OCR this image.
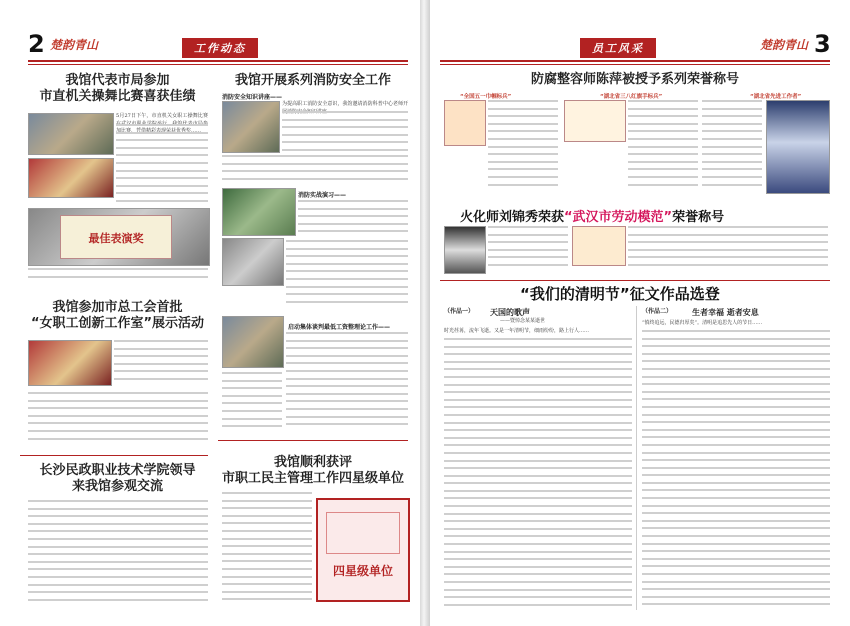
2 楚韵青山	工作动态
我馆代表市局参加
市直机关操舞比赛喜获佳绩
5月27日下午，市直机关女职工操舞比赛
最佳表演奖
我馆开展系列消防安全工作
消防安全知识讲座——
为提高职工消防安全意识，我馆邀请消防科普中心老师开
消防实战演习——
启动集体谈判最低工资整理论工作——
我馆参加市总工会首批
“女职工创新工作室”展示活动
长沙民政职业技术学院领导
来我馆参观交流
我馆顺利获评
市职工民主管理工作四星级单位
四星级单位
员工风采	楚韵青山 3
防腐整容师陈萍被授予系列荣誉称号
“全国五一巾帼标兵”	“湖北省三八红旗手标兵”	“湖北省先进工作者”
火化师刘锦秀荣获“武汉市劳动模范”荣誉称号
“我们的清明节”征文作品选登
（作品一） 天国的歌声
——暨悼念某某逝世
时光荏苒，流年飞逝。又是一年清明节，细雨纷纷，路上行人……
（作品二） 生者幸福 逝者安息
“慎终追远，民德归厚矣”。清明是追思先人的节日……
